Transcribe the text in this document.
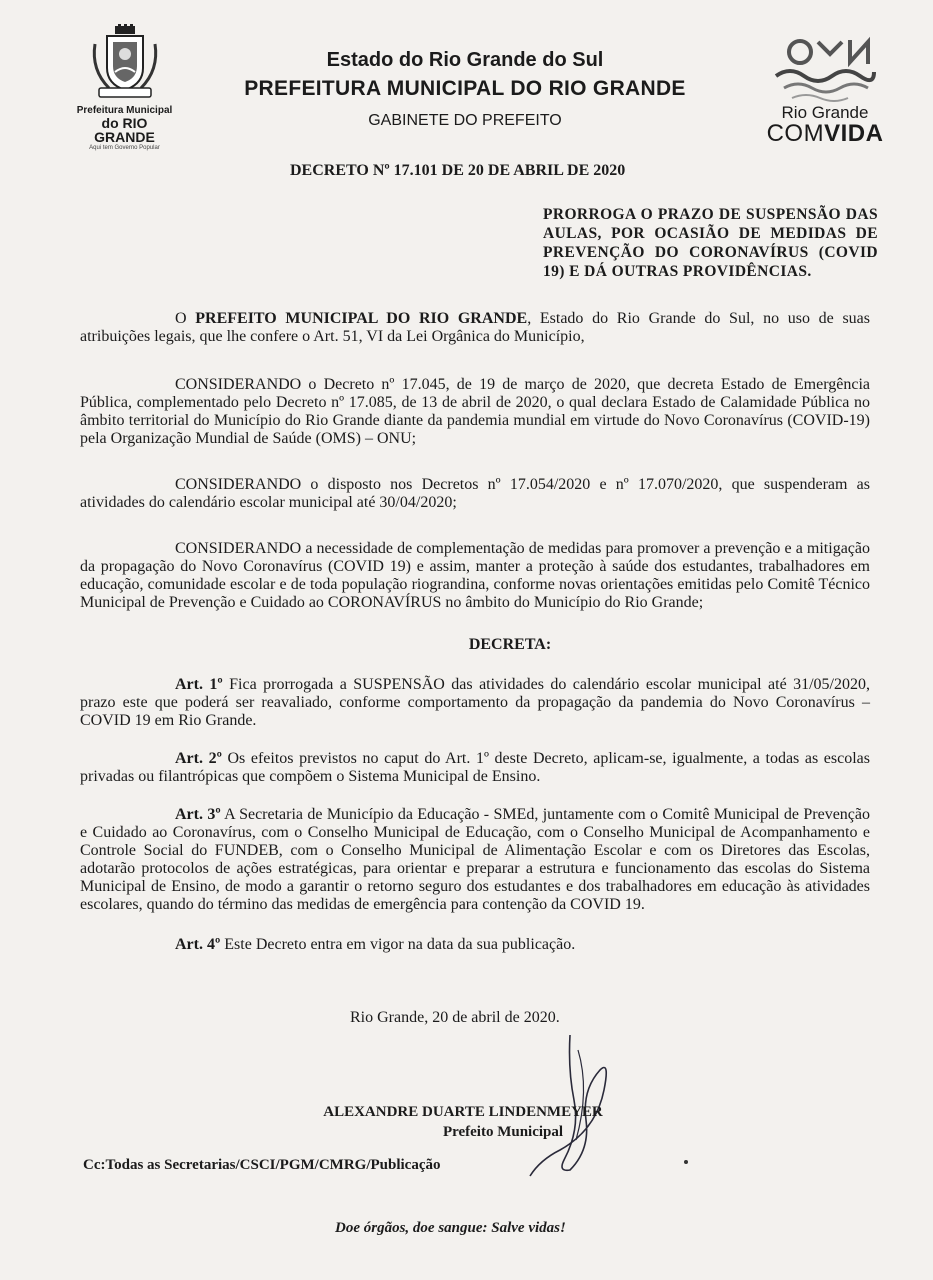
Prefeitura Municipal
do RIO GRANDE
Aqui tem Governo Popular
Estado do Rio Grande do Sul
PREFEITURA MUNICIPAL DO RIO GRANDE
GABINETE DO PREFEITO	Rio Grande
COMVIDA
DECRETO Nº 17.101 DE 20 DE ABRIL DE 2020
PRORROGA O PRAZO DE SUSPENSÃO DAS AULAS, POR OCASIÃO DE MEDIDAS DE PREVENÇÃO DO CORONAVÍRUS (COVID 19) E DÁ OUTRAS PROVIDÊNCIAS.

O PREFEITO MUNICIPAL DO RIO GRANDE, Estado do Rio Grande do Sul, no uso de suas atribuições legais, que lhe confere o Art. 51, VI da Lei Orgânica do Município,

CONSIDERANDO o Decreto nº 17.045, de 19 de março de 2020, que decreta Estado de Emergência Pública, complementado pelo Decreto nº 17.085, de 13 de abril de 2020, o qual declara Estado de Calamidade Pública no âmbito territorial do Município do Rio Grande diante da pandemia mundial em virtude do Novo Coronavírus (COVID-19) pela Organização Mundial de Saúde (OMS) – ONU;

CONSIDERANDO o disposto nos Decretos nº 17.054/2020 e nº 17.070/2020, que suspenderam as atividades do calendário escolar municipal até 30/04/2020;

CONSIDERANDO a necessidade de complementação de medidas para promover a prevenção e a mitigação da propagação do Novo Coronavírus (COVID 19) e assim, manter a proteção à saúde dos estudantes, trabalhadores em educação, comunidade escolar e de toda população riograndina, conforme novas orientações emitidas pelo Comitê Técnico Municipal de Prevenção e Cuidado ao CORONAVÍRUS no âmbito do Município do Rio Grande;

DECRETA:

Art. 1º Fica prorrogada a SUSPENSÃO das atividades do calendário escolar municipal até 31/05/2020, prazo este que poderá ser reavaliado, conforme comportamento da propagação da pandemia do Novo Coronavírus – COVID 19 em Rio Grande.

Art. 2º Os efeitos previstos no caput do Art. 1º deste Decreto, aplicam-se, igualmente, a todas as escolas privadas ou filantrópicas que compõem o Sistema Municipal de Ensino.

Art. 3º A Secretaria de Município da Educação - SMEd, juntamente com o Comitê Municipal de Prevenção e Cuidado ao Coronavírus, com o Conselho Municipal de Educação, com o Conselho Municipal de Acompanhamento e Controle Social do FUNDEB, com o Conselho Municipal de Alimentação Escolar e com os Diretores das Escolas, adotarão protocolos de ações estratégicas, para orientar e preparar a estrutura e funcionamento das escolas do Sistema Municipal de Ensino, de modo a garantir o retorno seguro dos estudantes e dos trabalhadores em educação às atividades escolares, quando do término das medidas de emergência para contenção da COVID 19.

Art. 4º Este Decreto entra em vigor na data da sua publicação.

Rio Grande, 20 de abril de 2020.
ALEXANDRE DUARTE LINDENMEYER
Prefeito Municipal
Cc:Todas as Secretarias/CSCI/PGM/CMRG/Publicação
Doe órgãos, doe sangue: Salve vidas!
